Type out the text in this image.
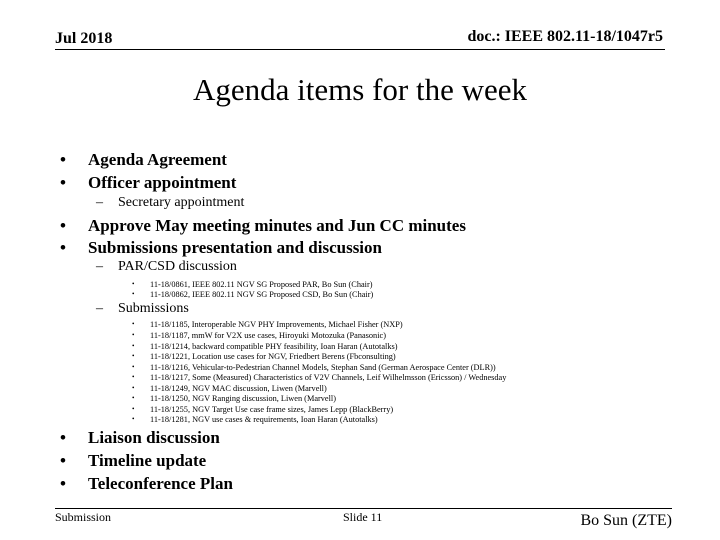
Jul 2018	doc.: IEEE 802.11-18/1047r5
Agenda items for the week
• Agenda Agreement
• Officer appointment
– Secretary appointment
• Approve May meeting minutes and Jun CC minutes
• Submissions presentation and discussion
– PAR/CSD discussion
• 11-18/0861, IEEE 802.11 NGV SG Proposed PAR, Bo Sun (Chair)
• 11-18/0862, IEEE 802.11 NGV SG Proposed CSD, Bo Sun (Chair)
– Submissions
• 11-18/1185, Interoperable NGV PHY Improvements, Michael Fisher (NXP)
• 11-18/1187, mmW for V2X use cases, Hiroyuki Motozuka (Panasonic)
• 11-18/1214, backward compatible PHY feasibility, Ioan Haran (Autotalks)
• 11-18/1221, Location use cases for NGV, Friedbert Berens (Fbconsulting)
• 11-18/1216, Vehicular-to-Pedestrian Channel Models, Stephan Sand (German Aerospace Center (DLR))
• 11-18/1217, Some (Measured) Characteristics of V2V Channels, Leif Wilhelmsson (Ericsson) / Wednesday
• 11-18/1249, NGV MAC discussion, Liwen (Marvell)
• 11-18/1250, NGV Ranging discussion, Liwen (Marvell)
• 11-18/1255, NGV Target Use case frame sizes, James Lepp (BlackBerry)
• 11-18/1281, NGV use cases & requirements, Ioan Haran (Autotalks)
• Liaison discussion
• Timeline update
• Teleconference Plan
Submission	Slide 11	Bo Sun (ZTE)
